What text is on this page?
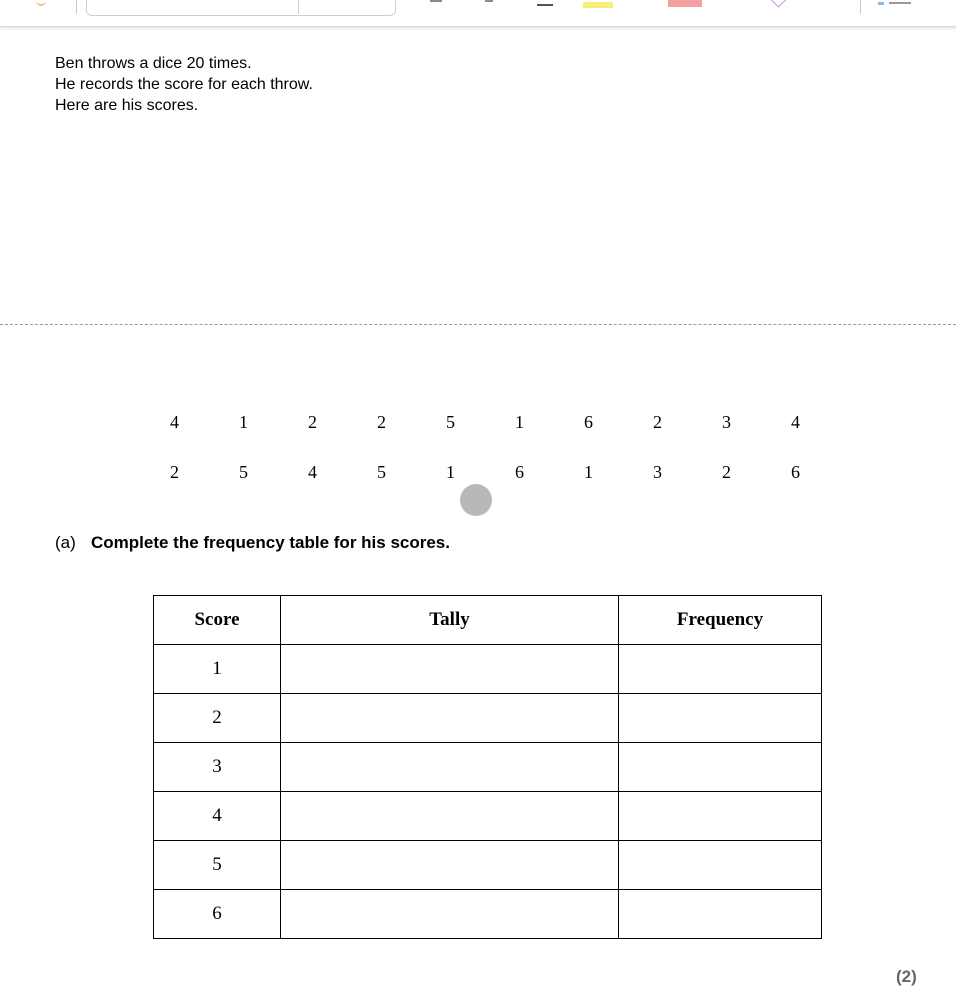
Ben throws a dice 20 times.
He records the score for each throw.
Here are his scores.
4	1	2	2	5	1	6	2	3	4
2	5	4	5	1	6	1	3	2	6
(a) Complete the frequency table for his scores.
Score	Tally	Frequency
1		
2		
3		
4		
5		
6		
(2)
